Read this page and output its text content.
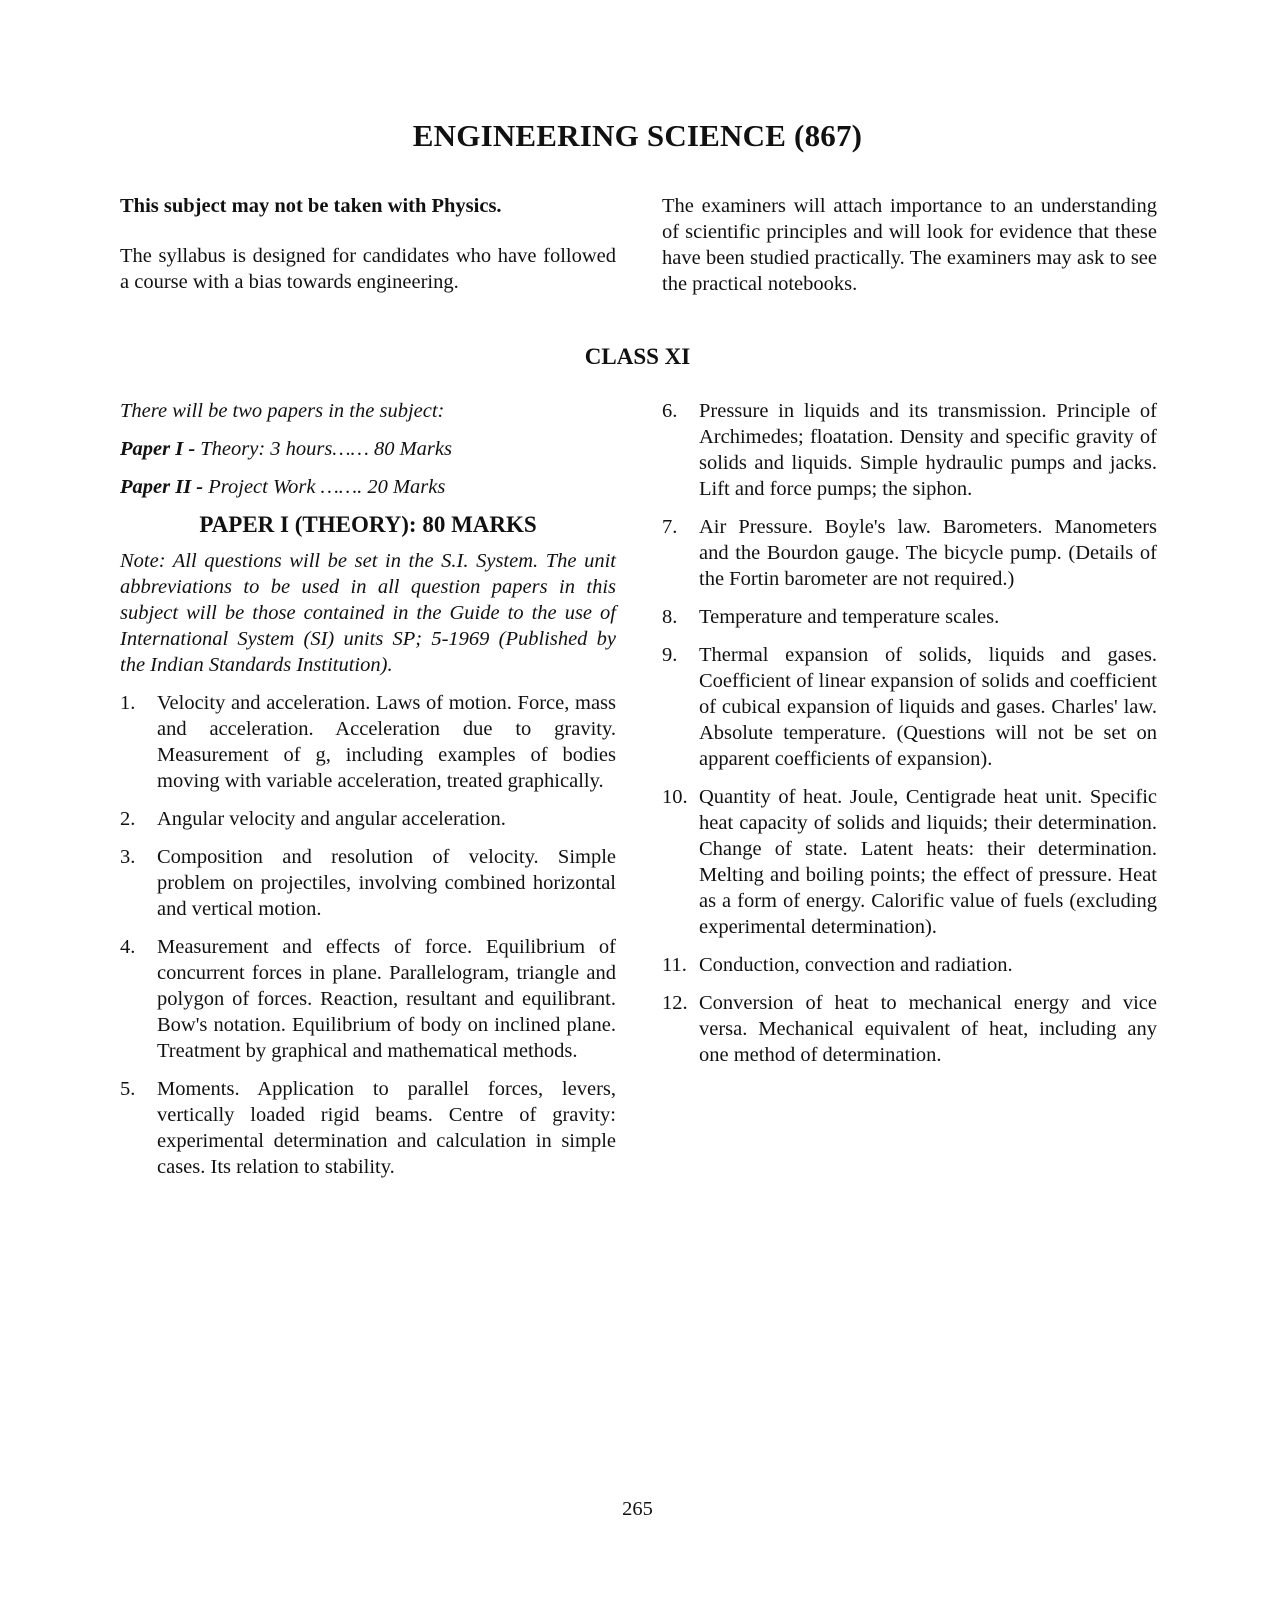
ENGINEERING SCIENCE (867)

This subject may not be taken with Physics.

The syllabus is designed for candidates who have followed a course with a bias towards engineering.

The examiners will attach importance to an understanding of scientific principles and will look for evidence that these have been studied practically. The examiners may ask to see the practical notebooks.
CLASS XI

There will be two papers in the subject:

Paper I - Theory: 3 hours…… 80 Marks

Paper II - Project Work ……. 20 Marks

PAPER I (THEORY): 80 MARKS

Note: All questions will be set in the S.I. System. The unit abbreviations to be used in all question papers in this subject will be those contained in the Guide to the use of International System (SI) units SP; 5-1969 (Published by the Indian Standards Institution).

1.	Velocity and acceleration. Laws of motion. Force, mass and acceleration. Acceleration due to gravity. Measurement of g, including examples of bodies moving with variable acceleration, treated graphically.
2.	Angular velocity and angular acceleration.
3.	Composition and resolution of velocity. Simple problem on projectiles, involving combined horizontal and vertical motion.
4.	Measurement and effects of force. Equilibrium of concurrent forces in plane. Parallelogram, triangle and polygon of forces. Reaction, resultant and equilibrant. Bow's notation. Equilibrium of body on inclined plane. Treatment by graphical and mathematical methods.
5.	Moments. Application to parallel forces, levers, vertically loaded rigid beams. Centre of gravity: experimental determination and calculation in simple cases. Its relation to stability.
6.	Pressure in liquids and its transmission. Principle of Archimedes; floatation. Density and specific gravity of solids and liquids. Simple hydraulic pumps and jacks. Lift and force pumps; the siphon.
7.	Air Pressure. Boyle's law. Barometers. Manometers and the Bourdon gauge. The bicycle pump. (Details of the Fortin barometer are not required.)
8.	Temperature and temperature scales.
9.	Thermal expansion of solids, liquids and gases. Coefficient of linear expansion of solids and coefficient of cubical expansion of liquids and gases. Charles' law. Absolute temperature. (Questions will not be set on apparent coefficients of expansion).
10. Quantity of heat. Joule, Centigrade heat unit. Specific heat capacity of solids and liquids; their determination. Change of state. Latent heats: their determination. Melting and boiling points; the effect of pressure. Heat as a form of energy. Calorific value of fuels (excluding experimental determination).
11. Conduction, convection and radiation.
12. Conversion of heat to mechanical energy and vice versa. Mechanical equivalent of heat, including any one method of determination.
265
